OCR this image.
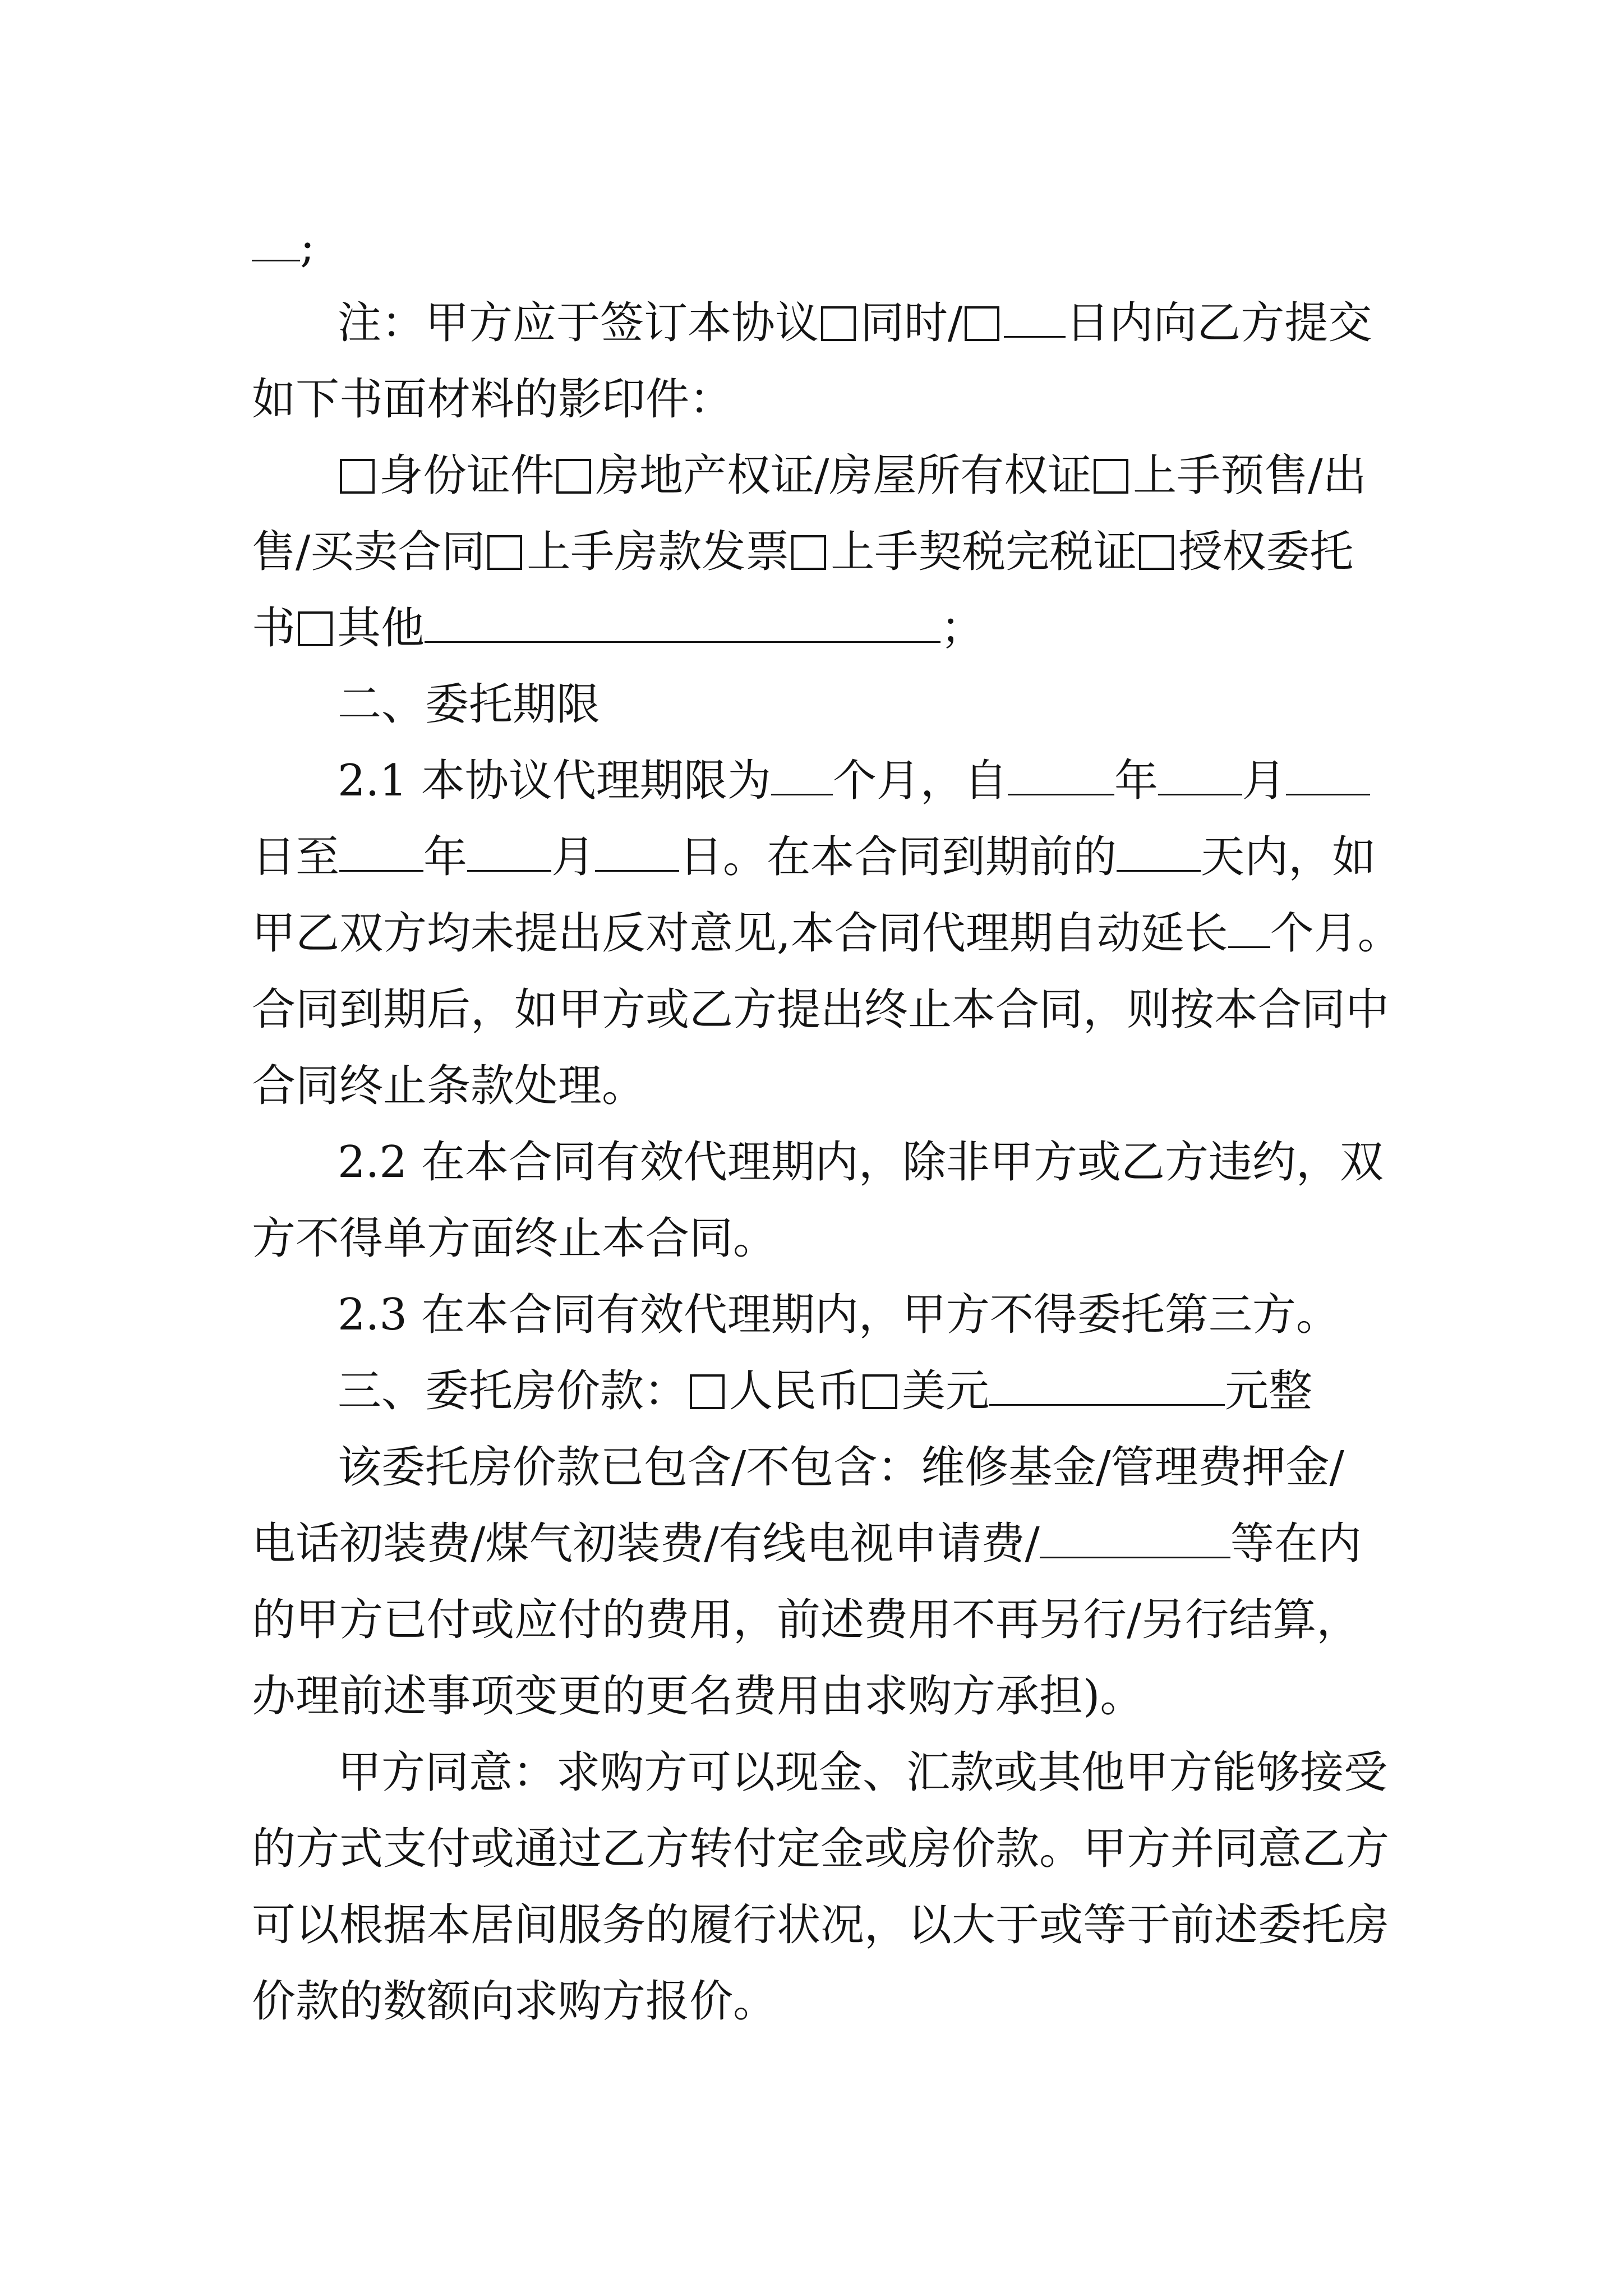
;
注：甲方应于签订本协议 同时/ 日内向乙方提交
如下书面材料的影印件：
身份证件 房地产权证/房屋所有权证 上手预售/出
售/买卖合同 上手房款发票 上手契税完税证 授权委托
书 其他	；
二、委托期限
2.1 本协议代理期限为 个月，自 年 月
日至 年 月 日。在本合同到期前的 天内，如
甲乙双方均未提出反对意见,本合同代理期自动延长 个月。
合同到期后，如甲方或乙方提出终止本合同，则按本合同中
合同终止条款处理。
2.2 在本合同有效代理期内，除非甲方或乙方违约，双
方不得单方面终止本合同。
2.3 在本合同有效代理期内，甲方不得委托第三方。
三、委托房价款： 人民币 美元	元整
该委托房价款已包含/不包含：维修基金/管理费押金/
电话初装费/煤气初装费/有线电视申请费/	等在内
的甲方已付或应付的费用，前述费用不再另行/另行结算，
办理前述事项变更的更名费用由求购方承担)。
甲方同意：求购方可以现金、汇款或其他甲方能够接受
的方式支付或通过乙方转付定金或房价款。甲方并同意乙方
可以根据本居间服务的履行状况，以大于或等于前述委托房
价款的数额向求购方报价。
